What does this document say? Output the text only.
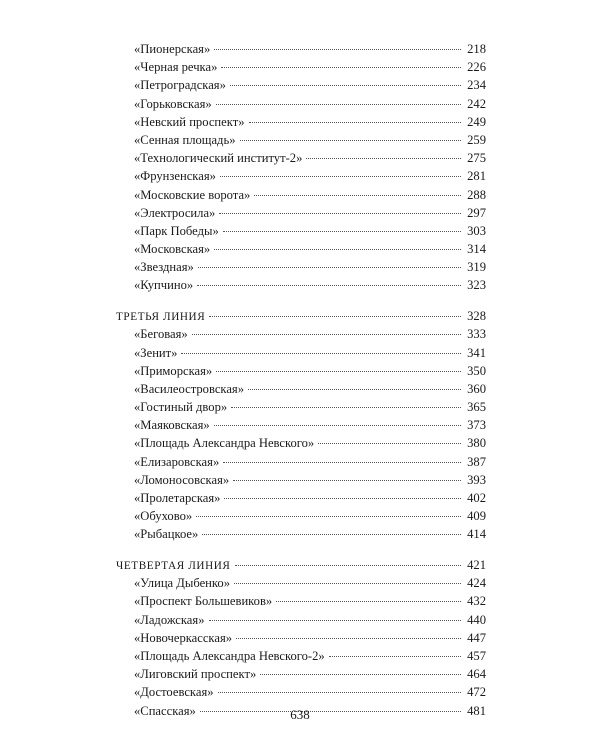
«Пионерская»	218
«Черная речка»	226
«Петроградская»	234
«Горьковская»	242
«Невский проспект»	249
«Сенная площадь»	259
«Технологический институт-2»	275
«Фрунзенская»	281
«Московские ворота»	288
«Электросила»	297
«Парк Победы»	303
«Московская»	314
«Звездная»	319
«Купчино»	323
ТРЕТЬЯ ЛИНИЯ	328
«Беговая»	333
«Зенит»	341
«Приморская»	350
«Василеостровская»	360
«Гостиный двор»	365
«Маяковская»	373
«Площадь Александра Невского»	380
«Елизаровская»	387
«Ломоносовская»	393
«Пролетарская»	402
«Обухово»	409
«Рыбацкое»	414
ЧЕТВЕРТАЯ ЛИНИЯ	421
«Улица Дыбенко»	424
«Проспект Большевиков»	432
«Ладожская»	440
«Новочеркасская»	447
«Площадь Александра Невского-2»	457
«Лиговский проспект»	464
«Достоевская»	472
«Спасская»	481
638
